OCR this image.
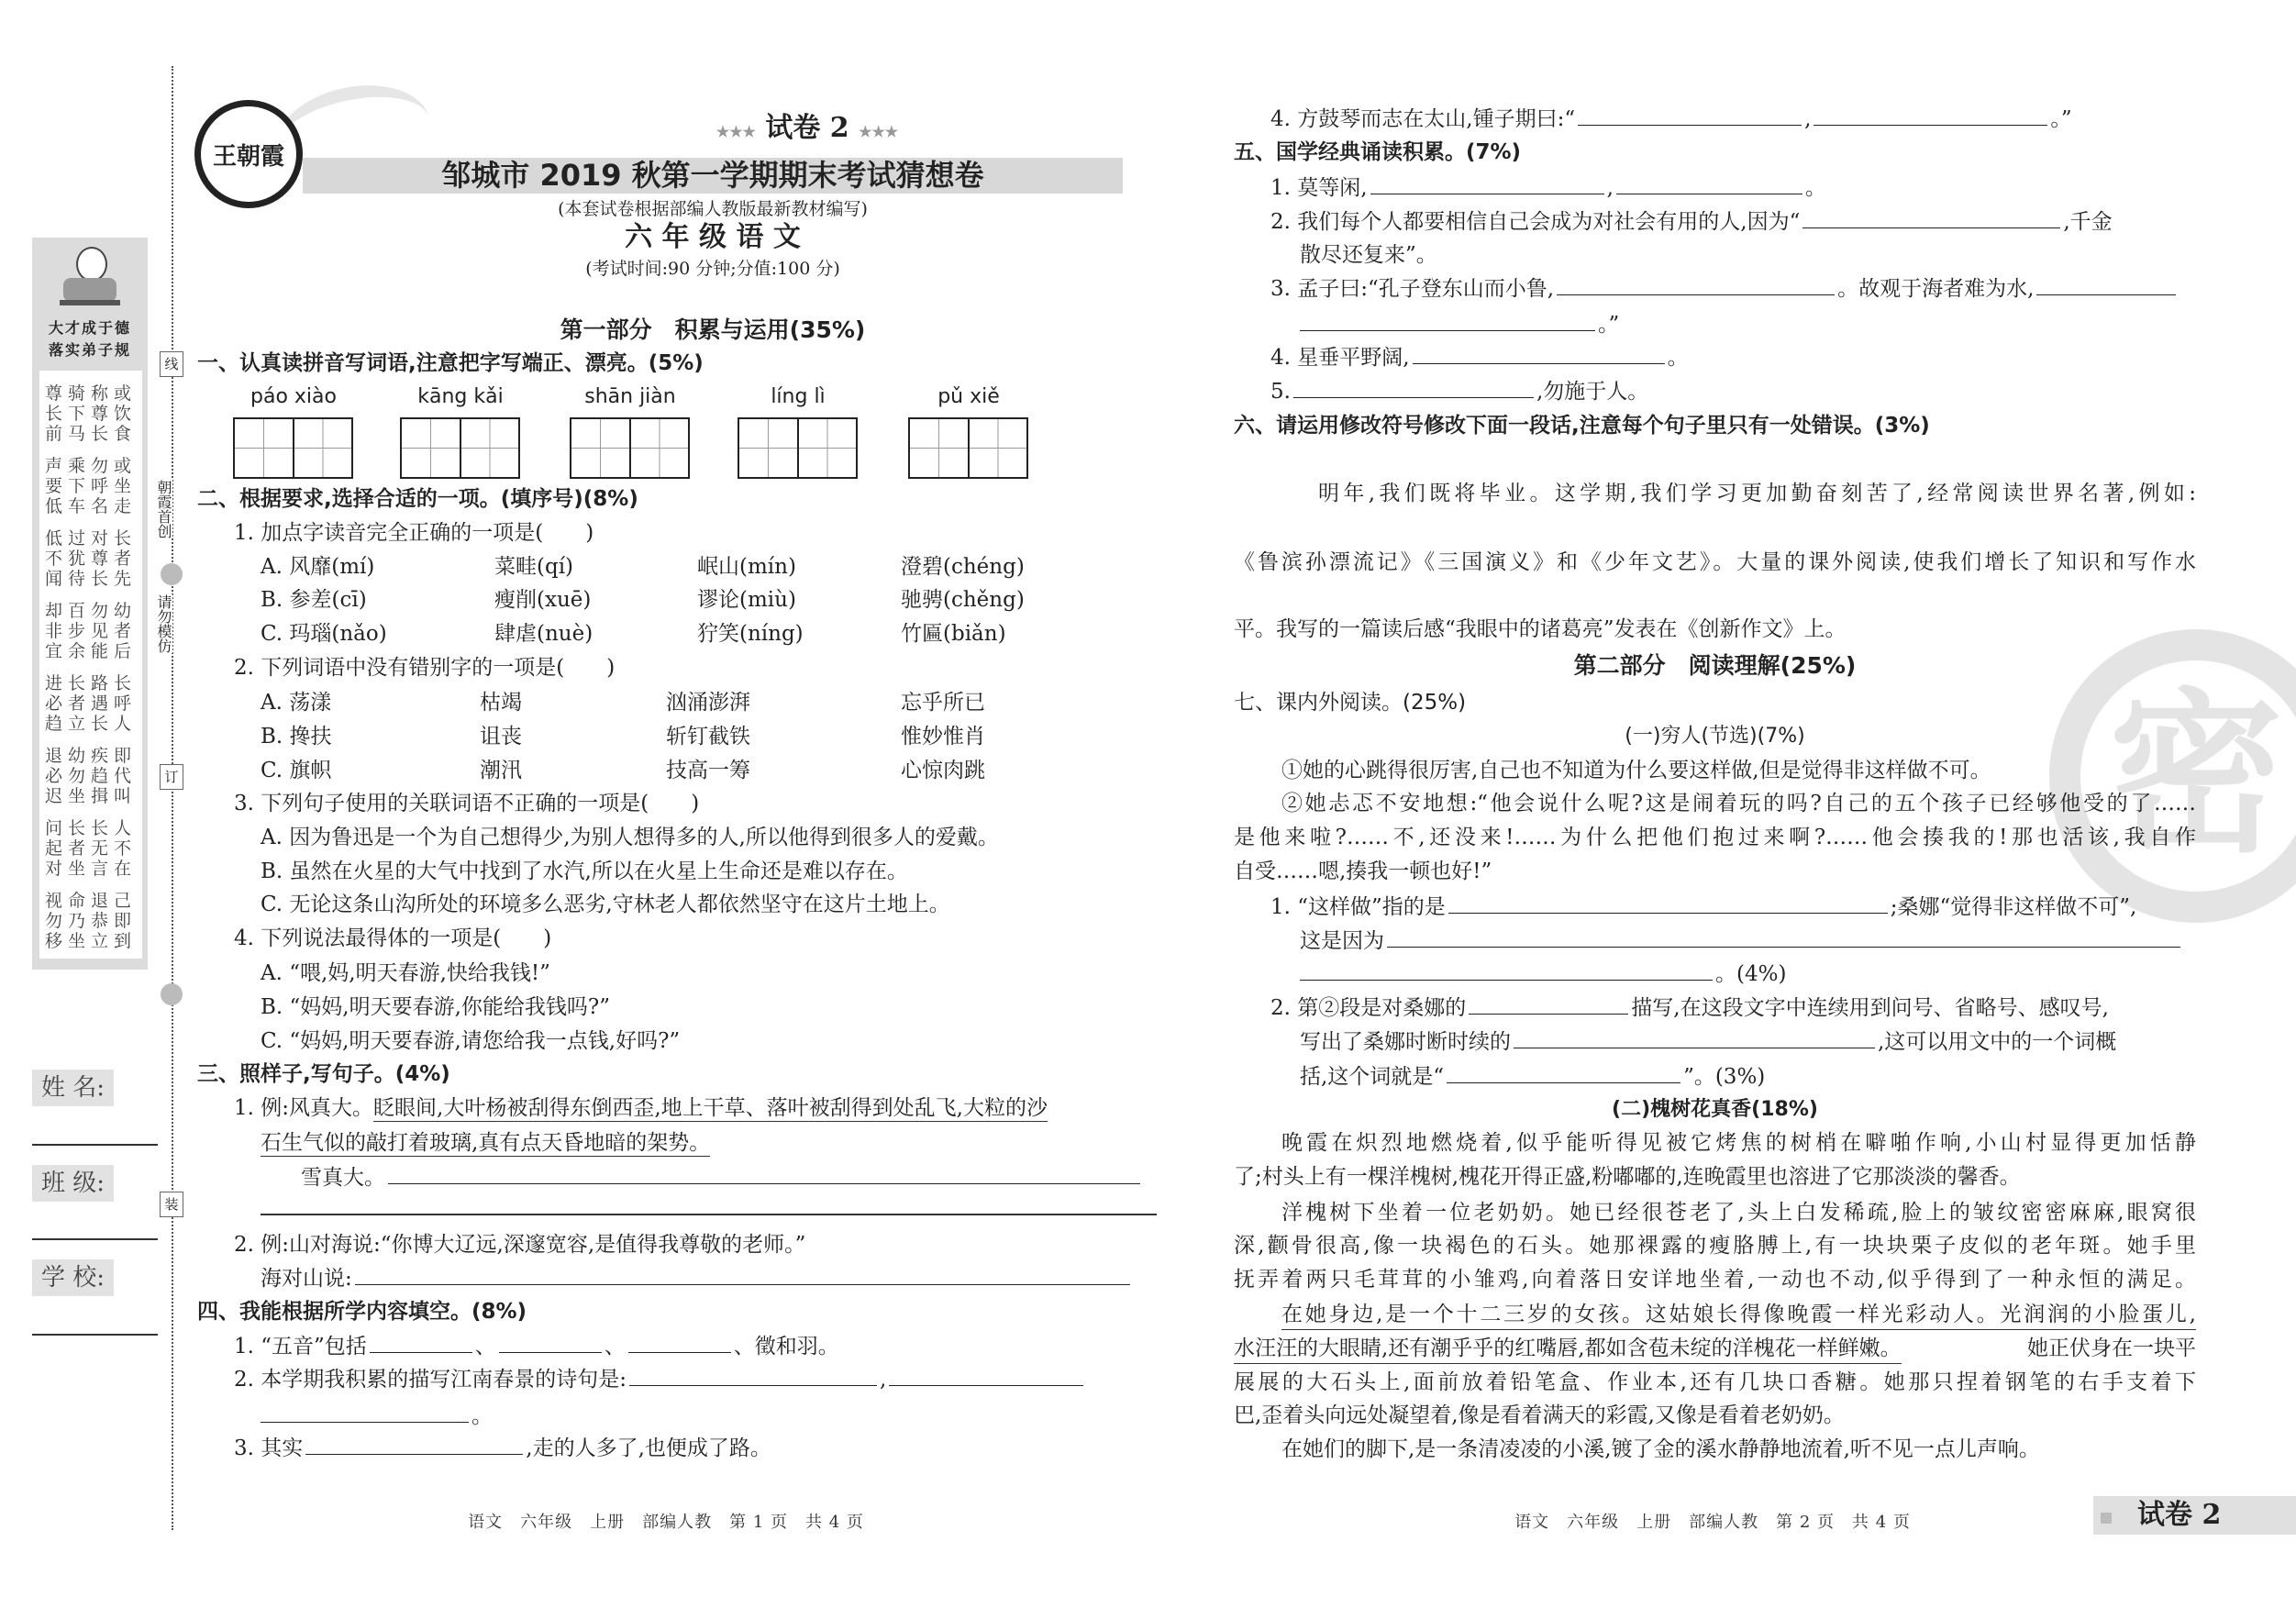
线
订
装
朝霞首创
请勿模仿
大才成于德
落实弟子规
尊骑称或
长下尊饮
前马长食
声乘勿或
要下呼坐
低车名走
低过对长
不犹尊者
闻待长先
却百勿幼
非步见者
宜余能后
进长路长
必者遇呼
趋立长人
退幼疾即
必勿趋代
迟坐揖叫
问长长人
起者无不
对坐言在
视命退己
勿乃恭即
移坐立到
姓 名:
班 级:
学 校:
王朝霞
★★★ 试卷 2 ★★★
邹城市 2019 秋第一学期期末考试猜想卷
(本套试卷根据部编人教版最新教材编写)
六 年 级 语 文
(考试时间:90 分钟;分值:100 分)
第一部分　积累与运用(35%)
一、认真读拼音写词语,注意把字写端正、漂亮。(5%)
páo xiào	kāng kǎi	shān jiàn	líng lì	pǔ xiě
二、根据要求,选择合适的一项。(填序号)(8%)
1. 加点字读音完全正确的一项是(　　)
A. 风靡(mí)	菜畦(qí)	岷山(mín)	澄碧(chéng)
B. 参差(cī)	瘦削(xuē)	谬论(miù)	驰骋(chěng)
C. 玛瑙(nǎo)	肆虐(nuè)	狞笑(níng)	竹匾(biǎn)
2. 下列词语中没有错别字的一项是(　　)
A. 荡漾	枯竭	汹涌澎湃	忘乎所已
B. 搀扶	诅丧	斩钉截铁	惟妙惟肖
C. 旗帜	潮汛	技高一筹	心惊肉跳
3. 下列句子使用的关联词语不正确的一项是(　　)
A. 因为鲁迅是一个为自己想得少,为别人想得多的人,所以他得到很多人的爱戴。
B. 虽然在火星的大气中找到了水汽,所以在火星上生命还是难以存在。
C. 无论这条山沟所处的环境多么恶劣,守林老人都依然坚守在这片土地上。
4. 下列说法最得体的一项是(　　)
A. “喂,妈,明天春游,快给我钱!”
B. “妈妈,明天要春游,你能给我钱吗?”
C. “妈妈,明天要春游,请您给我一点钱,好吗?”
三、照样子,写句子。(4%)
1. 例:风真大。眨眼间,大叶杨被刮得东倒西歪,地上干草、落叶被刮得到处乱飞,大粒的沙
石生气似的敲打着玻璃,真有点天昏地暗的架势。
雪真大。
2. 例:山对海说:“你博大辽远,深邃宽容,是值得我尊敬的老师。”
海对山说:
四、我能根据所学内容填空。(8%)
1. “五音”包括	、	、	、徵和羽。
2. 本学期我积累的描写江南春景的诗句是:	,
。
3. 其实	,走的人多了,也便成了路。
语文　六年级　上册　部编人教　第 1 页　共 4 页
密
4. 方鼓琴而志在太山,锺子期曰:“	,	。”
五、国学经典诵读积累。(7%)
1. 莫等闲,	,	。
2. 我们每个人都要相信自己会成为对社会有用的人,因为“	,千金
散尽还复来”。
3. 孟子曰:“孔子登东山而小鲁,	。故观于海者难为水,
。”
4. 星垂平野阔,	。
5.	,勿施于人。
六、请运用修改符号修改下面一段话,注意每个句子里只有一处错误。(3%)
明年,我们既将毕业。这学期,我们学习更加勤奋刻苦了,经常阅读世界名著,例如:
《鲁滨孙漂流记》《三国演义》和《少年文艺》。大量的课外阅读,使我们增长了知识和写作水
平。我写的一篇读后感“我眼中的诸葛亮”发表在《创新作文》上。
第二部分　阅读理解(25%)
七、课内外阅读。(25%)
(一)穷人(节选)(7%)
①她的心跳得很厉害,自己也不知道为什么要这样做,但是觉得非这样做不可。
②她忐忑不安地想:“他会说什么呢?这是闹着玩的吗?自己的五个孩子已经够他受的了……
是他来啦?……不,还没来!……为什么把他们抱过来啊?……他会揍我的!那也活该,我自作
自受……嗯,揍我一顿也好!”
1. “这样做”指的是	;桑娜“觉得非这样做不可”,
这是因为
。(4%)
2. 第②段是对桑娜的	描写,在这段文字中连续用到问号、省略号、感叹号,
写出了桑娜时断时续的	,这可以用文中的一个词概
括,这个词就是“	”。(3%)
(二)槐树花真香(18%)
晚霞在炽烈地燃烧着,似乎能听得见被它烤焦的树梢在噼啪作响,小山村显得更加恬静
了;村头上有一棵洋槐树,槐花开得正盛,粉嘟嘟的,连晚霞里也溶进了它那淡淡的馨香。
洋槐树下坐着一位老奶奶。她已经很苍老了,头上白发稀疏,脸上的皱纹密密麻麻,眼窝很
深,颧骨很高,像一块褐色的石头。她那裸露的瘦胳膊上,有一块块栗子皮似的老年斑。她手里
抚弄着两只毛茸茸的小雏鸡,向着落日安详地坐着,一动也不动,似乎得到了一种永恒的满足。
在她身边,是一个十二三岁的女孩。这姑娘长得像晚霞一样光彩动人。光润润的小脸蛋儿,
水汪汪的大眼睛,还有潮乎乎的红嘴唇,都如含苞未绽的洋槐花一样鲜嫩。	她正伏身在一块平
展展的大石头上,面前放着铅笔盒、作业本,还有几块口香糖。她那只捏着钢笔的右手支着下
巴,歪着头向远处凝望着,像是看着满天的彩霞,又像是看着老奶奶。
在她们的脚下,是一条清凌凌的小溪,镀了金的溪水静静地流着,听不见一点儿声响。
语文　六年级　上册　部编人教　第 2 页　共 4 页	试卷 2
